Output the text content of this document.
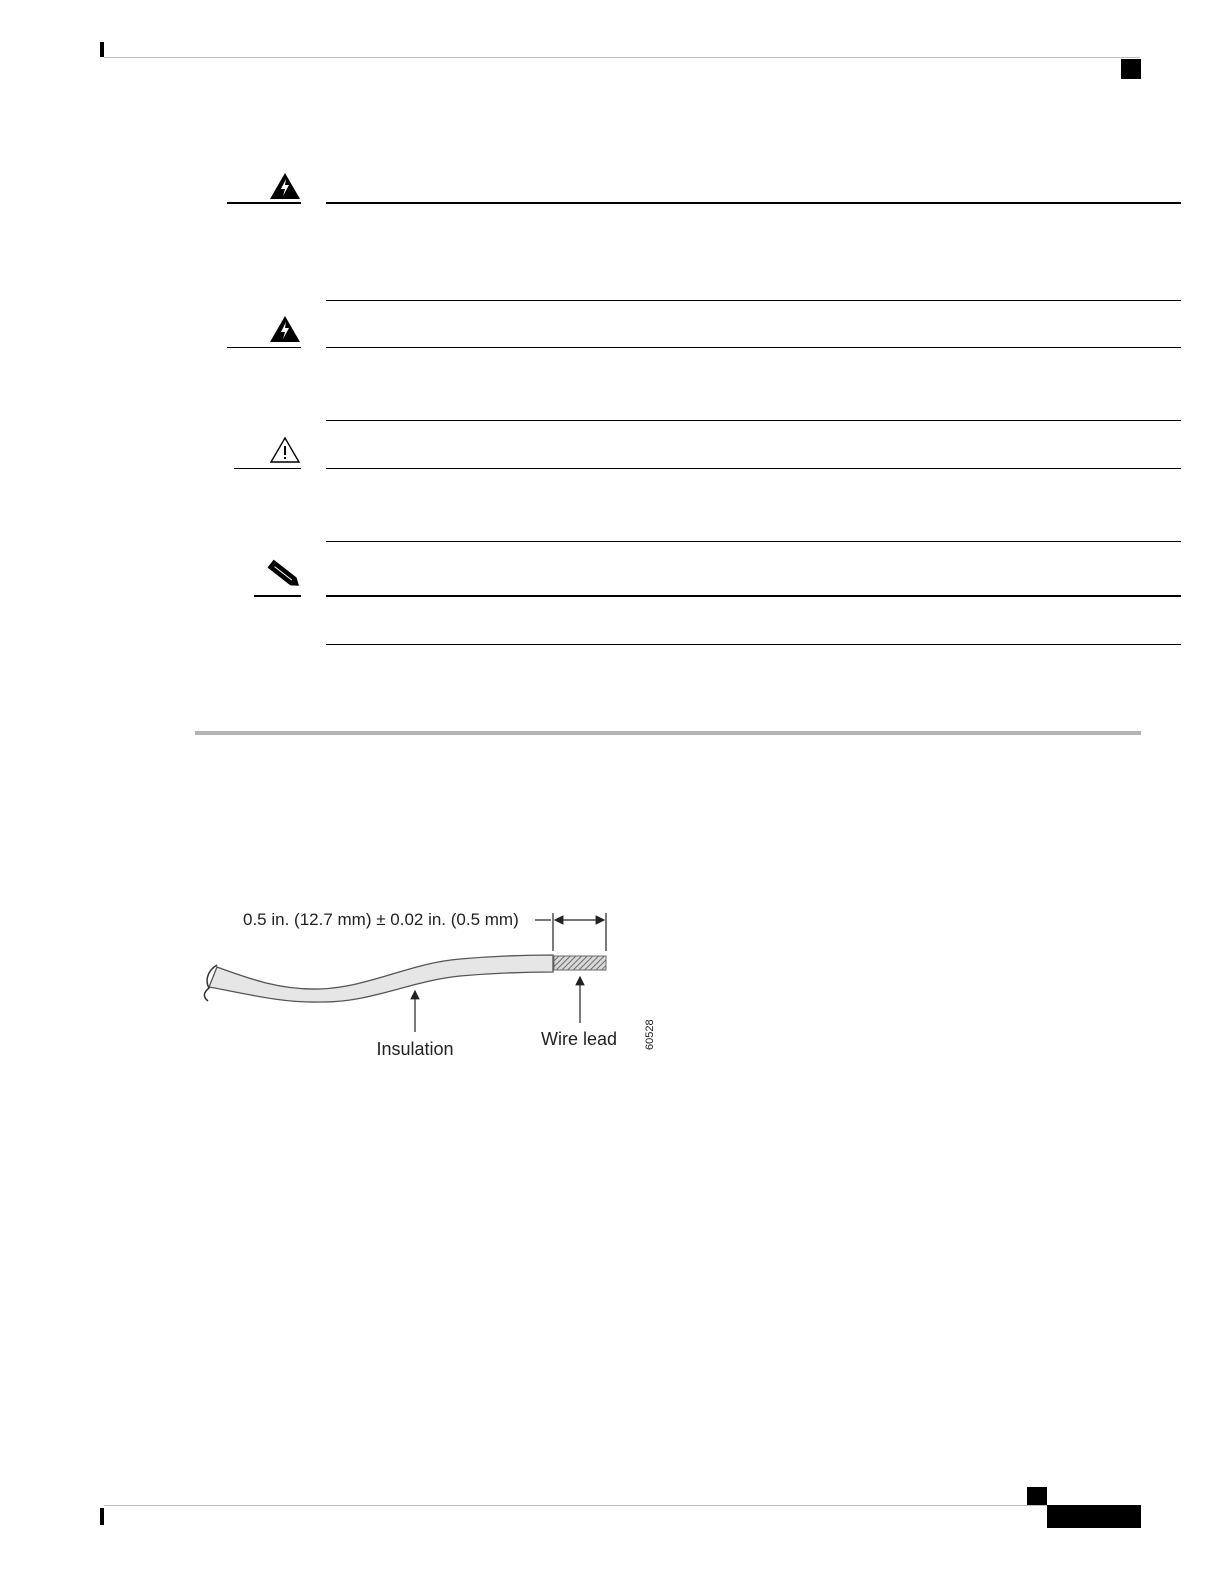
0.5 in. (12.7 mm) ± 0.02 in. (0.5 mm)
Insulation	Wire lead 60528
